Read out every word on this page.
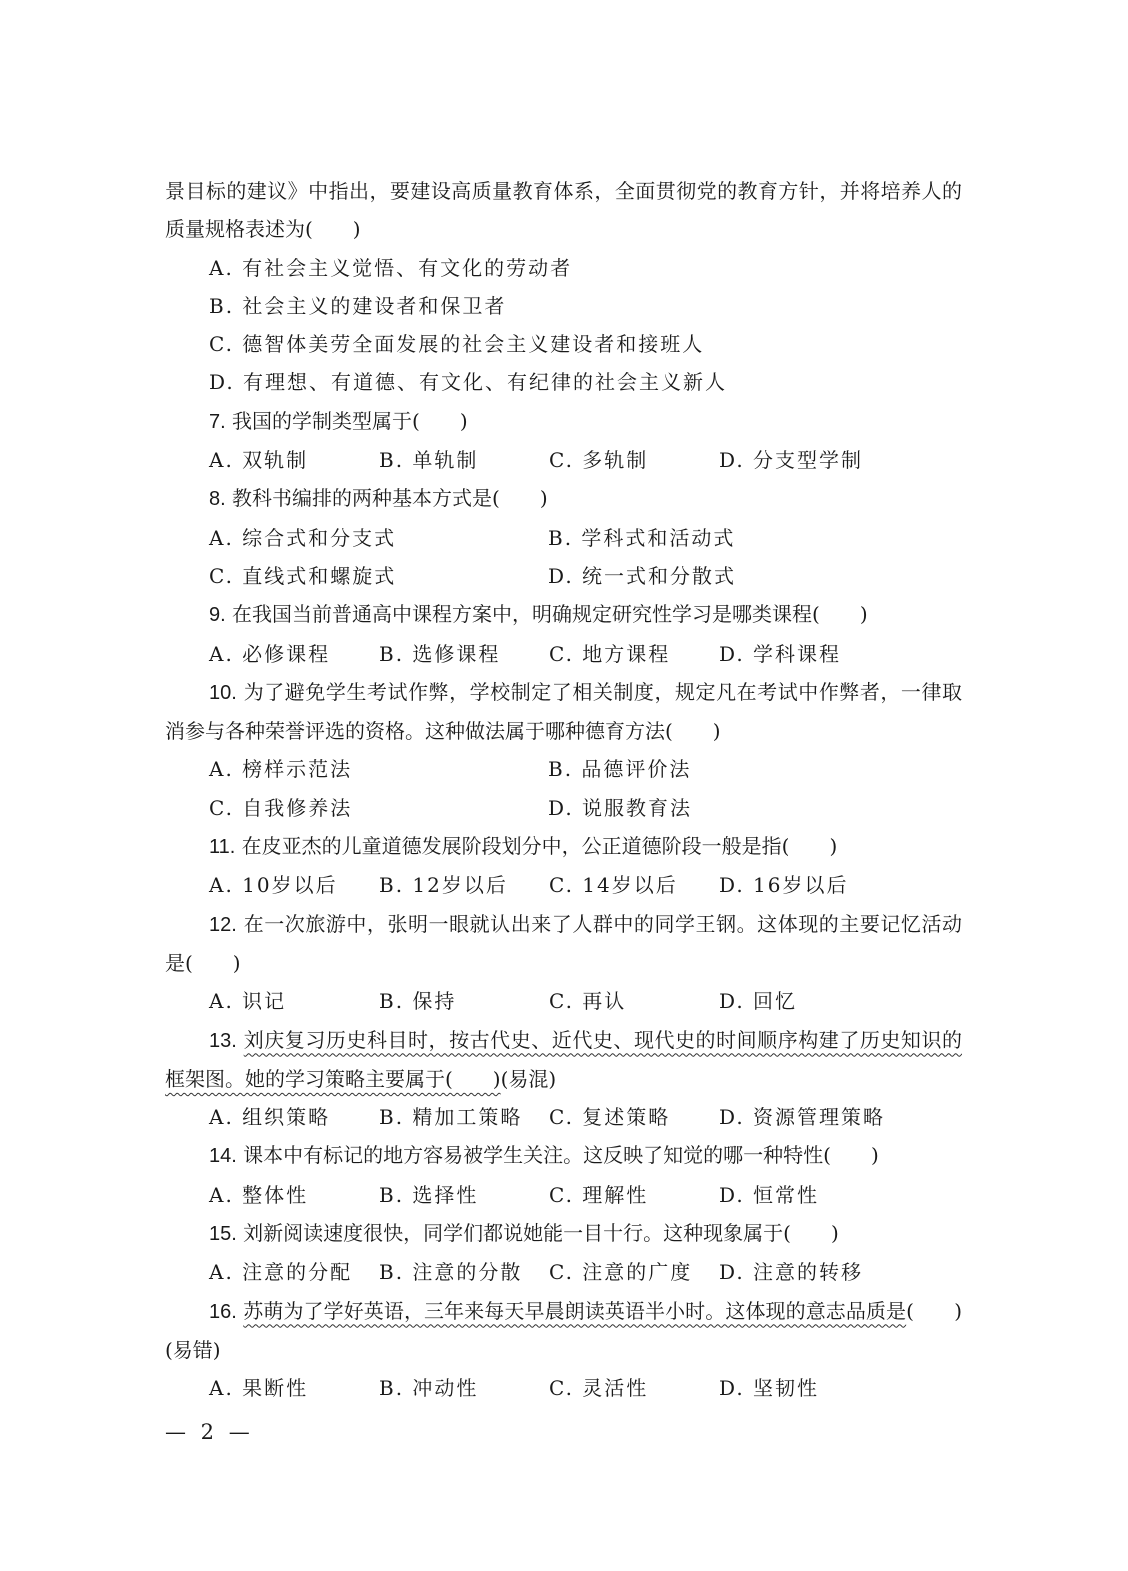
景目标的建议》中指出，要建设高质量教育体系，全面贯彻党的教育方针，并将培养人的质量规格表述为(　　)

A. 有社会主义觉悟、有文化的劳动者
B. 社会主义的建设者和保卫者
C. 德智体美劳全面发展的社会主义建设者和接班人
D. 有理想、有道德、有文化、有纪律的社会主义新人

7. 我国的学制类型属于(　　)

A. 双轨制	B. 单轨制	C. 多轨制	D. 分支型学制

8. 教科书编排的两种基本方式是(　　)

A. 综合式和分支式	B. 学科式和活动式
C. 直线式和螺旋式	D. 统一式和分散式

9. 在我国当前普通高中课程方案中，明确规定研究性学习是哪类课程(　　)

A. 必修课程	B. 选修课程	C. 地方课程	D. 学科课程

10. 为了避免学生考试作弊，学校制定了相关制度，规定凡在考试中作弊者，一律取消参与各种荣誉评选的资格。这种做法属于哪种德育方法(　　)

A. 榜样示范法	B. 品德评价法
C. 自我修养法	D. 说服教育法

11. 在皮亚杰的儿童道德发展阶段划分中，公正道德阶段一般是指(　　)

A. 10岁以后	B. 12岁以后	C. 14岁以后	D. 16岁以后

12. 在一次旅游中，张明一眼就认出来了人群中的同学王钢。这体现的主要记忆活动是(　　)

A. 识记	B. 保持	C. 再认	D. 回忆

13. 刘庆复习历史科目时，按古代史、近代史、现代史的时间顺序构建了历史知识的框架图。她的学习策略主要属于(　　)(易混)

A. 组织策略	B. 精加工策略	C. 复述策略	D. 资源管理策略

14. 课本中有标记的地方容易被学生关注。这反映了知觉的哪一种特性(　　)

A. 整体性	B. 选择性	C. 理解性	D. 恒常性

15. 刘新阅读速度很快，同学们都说她能一目十行。这种现象属于(　　)

A. 注意的分配	B. 注意的分散	C. 注意的广度	D. 注意的转移

16. 苏萌为了学好英语，三年来每天早晨朗读英语半小时。这体现的意志品质是(　　)(易错)

A. 果断性	B. 冲动性	C. 灵活性	D. 坚韧性
— 2 —
